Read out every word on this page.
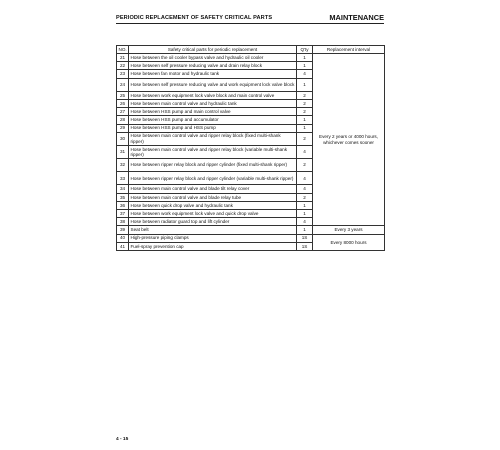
PERIODIC REPLACEMENT OF SAFETY CRITICAL PARTS	MAINTENANCE
NO.	Safety critical parts for periodic replacement	Q'ty	Replacement interval
21	Hose between the oil cooler bypass valve and hydraulic oil cooler	1	Every 2 years or 4000 hours, whichever comes sooner
22	Hose between self pressure reducing valve and drain relay block	1	
23	Hose between fan motor and hydraulic tank	4	
24	Hose between self pressure reducing valve and work equipment lock valve block	1	
25	Hose between work equipment lock valve block and main control valve	2	
26	Hose between main control valve and hydraulic tank	2	
27	Hose between HSS pump and main control valve	2	
28	Hose between HSS pump and accumulator	1	
29	Hose between HSS pump and HSS pump	1	
30	Hose between main control valve and ripper relay block (fixed multi-shank ripper)	2	
31	Hose between main control valve and ripper relay block (variable multi-shank ripper)	4	
32	Hose between ripper relay block and ripper cylinder (fixed multi-shank ripper)	2	
33	Hose between ripper relay block and ripper cylinder (variable multi-shank ripper)	4	
34	Hose between main control valve and blade tilt relay cover	4	
35	Hose between main control valve and blade relay tube	2	
36	Hose between quick drop valve and hydraulic tank	1	
37	Hose between work equipment lock valve and quick drop valve	1	
38	Hose between radiator guard top and lift cylinder	4	
39	Seat belt	1	Every 3 years
40	High-pressure piping clamps	1S	Every 8000 hours
41	Fuel-spray prevention cap	1S	
4 - 15
